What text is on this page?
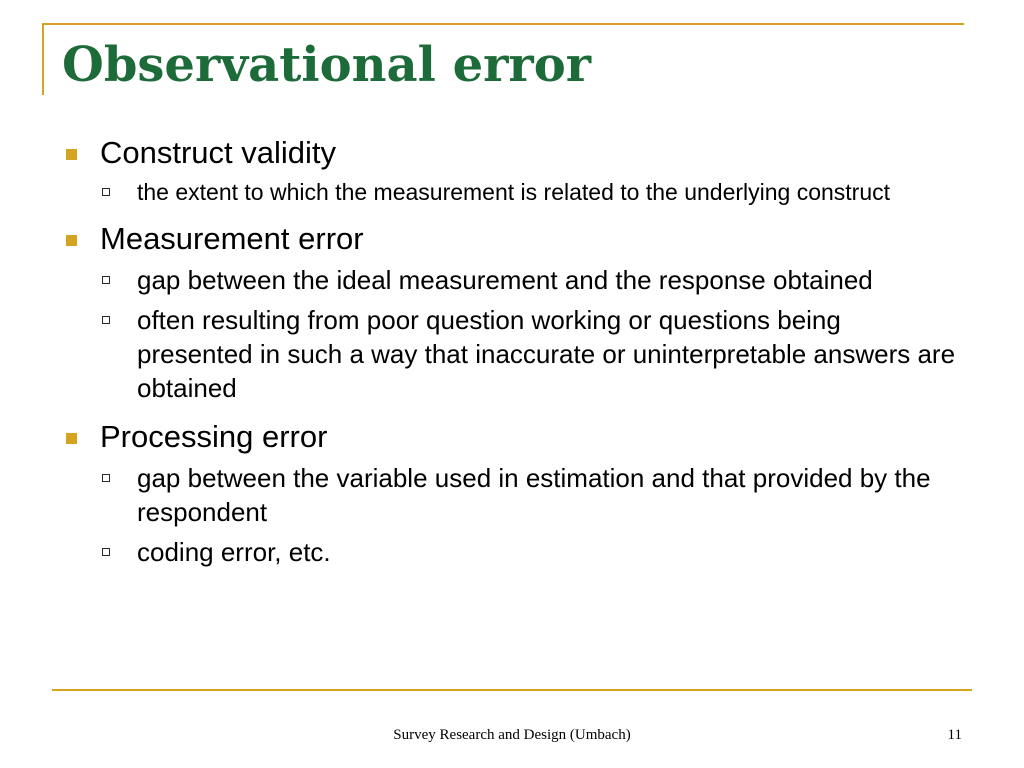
Observational error
Construct validity
the extent to which the measurement is related to the underlying construct
Measurement error
gap between the ideal measurement and the response obtained
often resulting from poor question working or questions being presented in such a way that inaccurate or uninterpretable answers are obtained
Processing error
gap between the variable used in estimation and that provided by the respondent
coding error, etc.
Survey Research and Design (Umbach)	11
